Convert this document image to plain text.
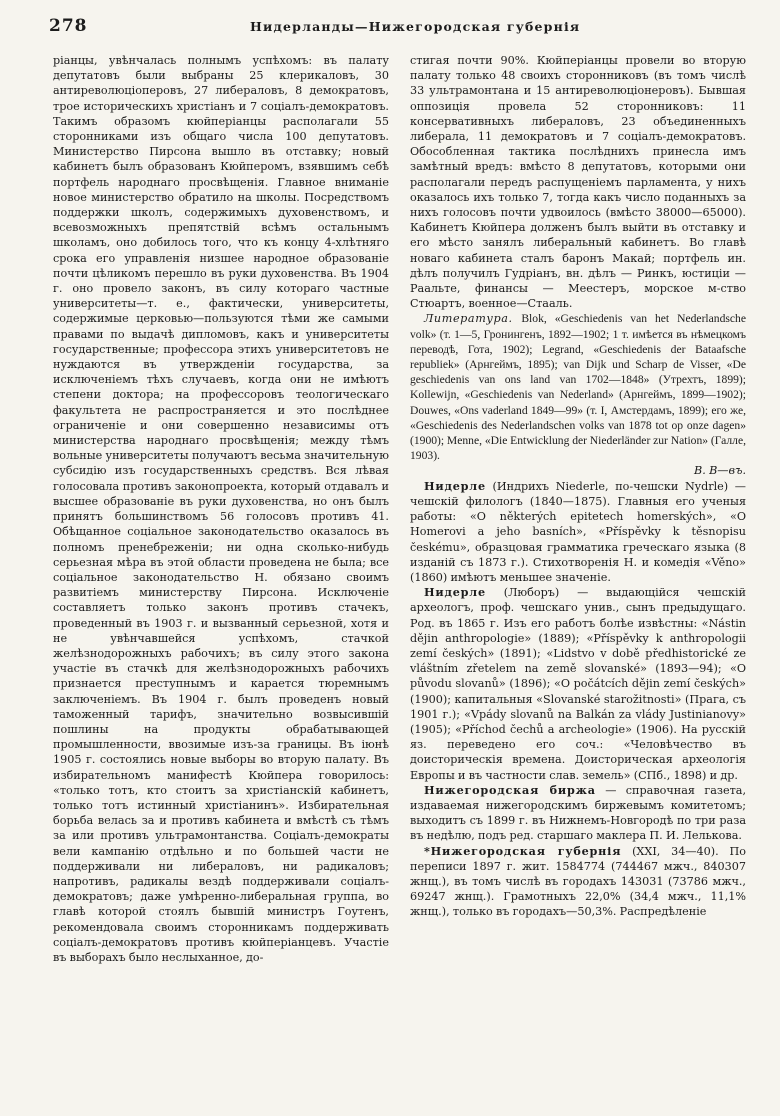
278	Нидерланды—Нижегородская губернія

ріанцы, увѣнчалась полнымъ успѣхомъ: въ палату депутатовъ были выбраны 25 клерикаловъ, 30 антиреволюціоперовъ, 27 либераловъ, 8 демократовъ, трое историческихъ христіанъ и 7 соціалъ-демократовъ. Такимъ образомъ кюйперіанцы располагали 55 сторонниками изъ общаго числа 100 депутатовъ. Министерство Пирсона вышло въ отставку; новый кабинетъ былъ образованъ Кюйперомъ, взявшимъ себѣ портфель народнаго просвѣщенія. Главное вниманіе новое министерство обратило на школы. Посредствомъ поддержки школъ, содержимыхъ духовенствомъ, и всевозможныхъ препятствій всѣмъ остальнымъ школамъ, оно добилось того, что къ концу 4-хлѣтняго срока его управленія низшее народное образованіе почти цѣликомъ перешло въ руки духовенства. Въ 1904 г. оно провело законъ, въ силу котораго частные университеты—т. е., фактически, университеты, содержимые церковью—пользуются тѣми же самыми правами по выдачѣ дипломовъ, какъ и университеты государственные; профессора этихъ университетовъ не нуждаются въ утвержденіи государства, за исключеніемъ тѣхъ случаевъ, когда они не имѣютъ степени доктора; на профессоровъ теологическаго факультета не распространяется и это послѣднее ограниченіе и они совершенно независимы отъ министерства народнаго просвѣщенія; между тѣмъ вольные университеты получаютъ весьма значительную субсидію изъ государственныхъ средствъ. Вся лѣвая голосовала противъ законопроекта, который отдавалъ и высшее образованіе въ руки духовенства, но онъ былъ принятъ большинствомъ 56 голосовъ противъ 41. Обѣщанное соціальное законодательство оказалось въ полномъ пренебреженіи; ни одна сколько-нибудь серьезная мѣра въ этой области проведена не была; все соціальное законодательство Н. обязано своимъ развитіемъ министерству Пирсона. Исключеніе составляетъ только законъ противъ стачекъ, проведенный въ 1903 г. и вызванный серьезной, хотя и не увѣнчавшейся успѣхомъ, стачкой желѣзнодорожныхъ рабочихъ; въ силу этого закона участіе въ стачкѣ для желѣзнодорожныхъ рабочихъ признается преступнымъ и карается тюремнымъ заключеніемъ. Въ 1904 г. былъ проведенъ новый таможенный тарифъ, значительно возвысившій пошлины на продукты обрабатывающей промышленности, ввозимые изъ-за границы. Въ іюнѣ 1905 г. состоялись новые выборы во вторую палату. Въ избирательномъ манифестѣ Кюйпера говорилось: «только тотъ, кто стоитъ за христіанскій кабинетъ, только тотъ истинный христіанинъ». Избирательная борьба велась за и противъ кабинета и вмѣстѣ съ тѣмъ за или противъ ультрамонтанства. Соціалъ-демократы вели кампанію отдѣльно и по большей части не поддерживали ни либераловъ, ни радикаловъ; напротивъ, радикалы вездѣ поддерживали соціалъ-демократовъ; даже умѣренно-либеральная группа, во главѣ которой стоялъ бывшій министръ Гоутенъ, рекомендовала своимъ сторонникамъ поддерживать соціалъ-демократовъ противъ кюйперіанцевъ. Участіе въ выборахъ было неслыханное, до-

стигая почти 90%. Кюйперіанцы провели во вторую палату только 48 своихъ сторонниковъ (въ томъ числѣ 33 ультрамонтана и 15 антиреволюціонеровъ). Бывшая оппозиція провела 52 сторонниковъ: 11 консервативныхъ либераловъ, 23 объединенныхъ либерала, 11 демократовъ и 7 соціалъ-демократовъ. Обособленная тактика послѣднихъ принесла имъ замѣтный вредъ: вмѣсто 8 депутатовъ, которыми они располагали передъ распущеніемъ парламента, у нихъ оказалось ихъ только 7, тогда какъ число поданныхъ за нихъ голосовъ почти удвоилось (вмѣсто 38000—65000). Кабинетъ Кюйпера долженъ былъ выйти въ отставку и его мѣсто занялъ либеральный кабинетъ. Во главѣ новаго кабинета сталъ баронъ Макай; портфель ин. дѣлъ получилъ Гудріанъ, вн. дѣлъ — Ринкъ, юстиціи — Раальте, финансы — Меестеръ, морское м-ство Стюартъ, военное—Стааль.

Литература. Blok, «Geschiedenis van het Nederlandsche volk» (т. 1—5, Гронингенъ, 1892—1902; 1 т. имѣется въ нѣмецкомъ переводѣ, Гота, 1902); Legrand, «Geschiedenis der Bataafsche republiek» (Арнгеймъ, 1895); van Dijk und Scharp de Visser, «De geschiedenis van ons land van 1702—1848» (Утрехтъ, 1899); Kollewijn, «Geschiedenis van Nederland» (Арнгеймъ, 1899—1902); Douwes, «Ons vaderland 1849—99» (т. I, Амстердамъ, 1899); его же, «Geschiedenis des Nederlandschen volks van 1878 tot op onze dagen» (1900); Menne, «Die Entwicklung der Niederländer zur Nation» (Галле, 1903).
В. В—въ.

Нидерле (Индрихъ Niederle, по-чешски Nydrle) — чешскій филологъ (1840—1875). Главныя его ученыя работы: «O některých epitetech homerských», «O Homerovi a jeho basních», «Příspěvky k těsnopisu českému», образцовая грамматика греческаго языка (8 изданій съ 1873 г.). Стихотворенія Н. и комедія «Věno» (1860) имѣютъ меньшее значеніе.

Нидерле (Люборъ) — выдающійся чешскій археологъ, проф. чешскаго унив., сынъ предыдущаго. Род. въ 1865 г. Изъ его работъ болѣе извѣстны: «Nástin dějin anthropologie» (1889); «Příspěvky k anthropologii zemí českých» (1891); «Lidstvo v době předhistorické ze vláštním zřetelem na země slovanské» (1893—94); «O původu slovanů» (1896); «O počátcích dějin zemí českých» (1900); капитальныя «Slovanské starožitnosti» (Прага, съ 1901 г.); «Vpády slovanů na Balkán za vlády Justinianovy» (1905); «Příchod čechů a archeologie» (1906). На русскій яз. переведено его соч.: «Человѣчество въ доисторическія времена. Доисторическая археологія Европы и въ частности слав. земель» (СПб., 1898) и др.

Нижегородская биржа — справочная газета, издаваемая нижегородскимъ биржевымъ комитетомъ; выходитъ съ 1899 г. въ Нижнемъ-Новгородѣ по три раза въ недѣлю, подъ ред. старшаго маклера П. И. Лелькова.

*Нижегородская губернія (XXI, 34—40). По переписи 1897 г. жит. 1584774 (744467 мжч., 840307 жнщ.), въ томъ числѣ въ городахъ 143031 (73786 мжч., 69247 жнщ.). Грамотныхъ 22,0% (34,4 мжч., 11,1% жнщ.), только въ городахъ—50,3%. Распредѣленіе
